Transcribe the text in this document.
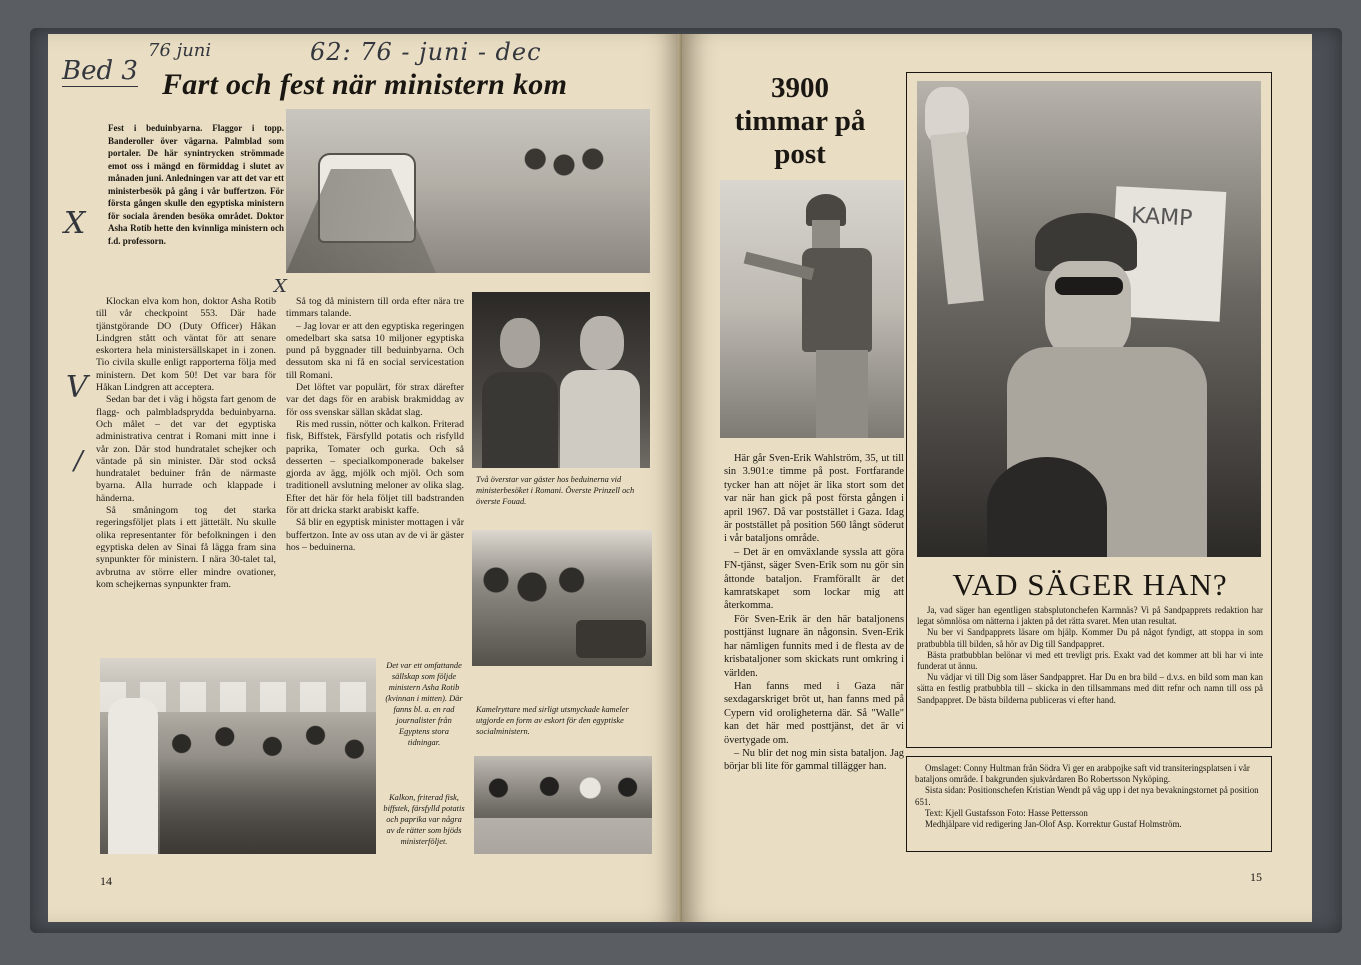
Bed 3
76 juni	62: 76 - juni - dec
Fart och fest när ministern kom
Fest i beduinbyarna. Flaggor i topp. Banderoller över vägarna. Palmblad som portaler. De här synintrycken strömmade emot oss i mängd en förmiddag i slutet av månaden juni. Anledningen var att det var ett ministerbesök på gång i vår buffertzon. För första gången skulle den egyptiska ministern för sociala ärenden besöka området. Doktor Asha Rotib hette den kvinnliga ministern och f.d. professorn.
X
V
/
X

Klockan elva kom hon, doktor Asha Rotib till vår checkpoint 553. Där hade tjänstgörande DO (Duty Officer) Håkan Lindgren stått och väntat för att senare eskortera hela ministersällskapet in i zonen. Tio civila skulle enligt rapporterna följa med ministern. Det kom 50! Det var bara för Håkan Lindgren att acceptera.

Sedan bar det i väg i högsta fart genom de flagg- och palmbladsprydda beduinbyarna. Och målet – det var det egyptiska administrativa centrat i Romani mitt inne i vår zon. Där stod hundratalet schejker och väntade på sin minister. Där stod också hundratalet beduiner från de närmaste byarna. Alla hurrade och klappade i händerna.

Så småningom tog det starka regeringsfölјet plats i ett jättetält. Nu skulle olika representanter för befolkningen i den egyptiska delen av Sinai få lägga fram sina synpunkter för ministern. I nära 30-talet tal, avbrutna av större eller mindre ovationer, kom schejkernas synpunkter fram.

Så tog då ministern till orda efter nära tre timmars talande.

– Jag lovar er att den egyptiska regeringen omedelbart ska satsa 10 miljoner egyptiska pund på byggnader till beduinbyarna. Och dessutom ska ni få en social servicestation till Romani.

Det löftet var populärt, för strax därefter var det dags för en arabisk brakmiddag av för oss svenskar sällan skådat slag.

Ris med russin, nötter och kalkon. Friterad fisk, Biffstek, Färsfylld potatis och risfylld paprika, Tomater och gurka. Och så desserten – specialkomponerade bakelser gjorda av ägg, mjölk och mjöl. Och som traditionell avslutning meloner av olika slag. Efter det här för hela följet till badstranden för att dricka starkt arabiskt kaffe.

Så blir en egyptisk minister mottagen i vår buffertzon. Inte av oss utan av de vi är gäster hos – beduinerna.

Två överstar var gäster hos beduinerna vid ministerbesöket i Romani. Överste Prinzell och överste Fouad.
Kamelryttare med sirligt utsmyckade kameler utgjorde en form av eskort för den egyptiske socialministern.
Det var ett omfattande sällskap som följde ministern Asha Rotib (kvinnan i mitten). Där fanns bl. a. en rad journalister från Egyptens stora tidningar.
Kalkon, friterad fisk, biffstek, färsfylld potatis och paprika var några av de rätter som bjöds ministerföljet.
14
3900 timmar på post

Här går Sven-Erik Wahlström, 35, ut till sin 3.901:e timme på post. Fortfarande tycker han att nöjet är lika stort som det var när han gick på post första gången i april 1967. Då var poststället i Gaza. Idag är poststället på position 560 långt söderut i vår bataljons område.

– Det är en omväxlande syssla att göra FN-tjänst, säger Sven-Erik som nu gör sin åttonde bataljon. Framförallt är det kamratskapet som lockar mig att återkomma.

För Sven-Erik är den här bataljonens posttjänst lugnare än någonsin. Sven-Erik har nämligen funnits med i de flesta av de krisbataljoner som skickats runt omkring i världen.

Han fanns med i Gaza när sexdagarskriget bröt ut, han fanns med på Cypern vid oroligheterna där. Så "Walle" kan det här med posttjänst, det är vi övertygade om.

– Nu blir det nog min sista bataljon. Jag börjar bli lite för gammal tillägger han.

KAMP
VAD SÄGER HAN?

Ja, vad säger han egentligen stabsplutonchefen Karmnäs? Vi på Sandpapprets redaktion har legat sömnlösa om nätterna i jakten på det rätta svaret. Men utan resultat.

Nu ber vi Sandpapprets läsare om hjälp. Kommer Du på något fyndigt, att stoppa in som pratbubbla till bilden, så hör av Dig till Sandpappret.

Bästa pratbubblan belönar vi med ett trevligt pris. Exakt vad det kommer att bli har vi inte funderat ut ännu.

Nu vädjar vi till Dig som läser Sandpappret. Har Du en bra bild – d.v.s. en bild som man kan sätta en festlig pratbubbla till – skicka in den tillsammans med ditt refnr och namn till oss på Sandpappret. De bästa bilderna publiceras vi efter hand.

Omslaget: Conny Hultman från Södra Vi ger en arabpojke saft vid transiteringsplatsen i vår bataljons område. I bakgrunden sjukvårdaren Bo Robertsson Nyköping.

Sista sidan: Positionschefen Kristian Wendt på väg upp i det nya bevakningstornet på position 651.

Text: Kjell Gustafsson Foto: Hasse Pettersson

Medhjälpare vid redigering Jan-Olof Asp. Korrektur Gustaf Holmström.

15
